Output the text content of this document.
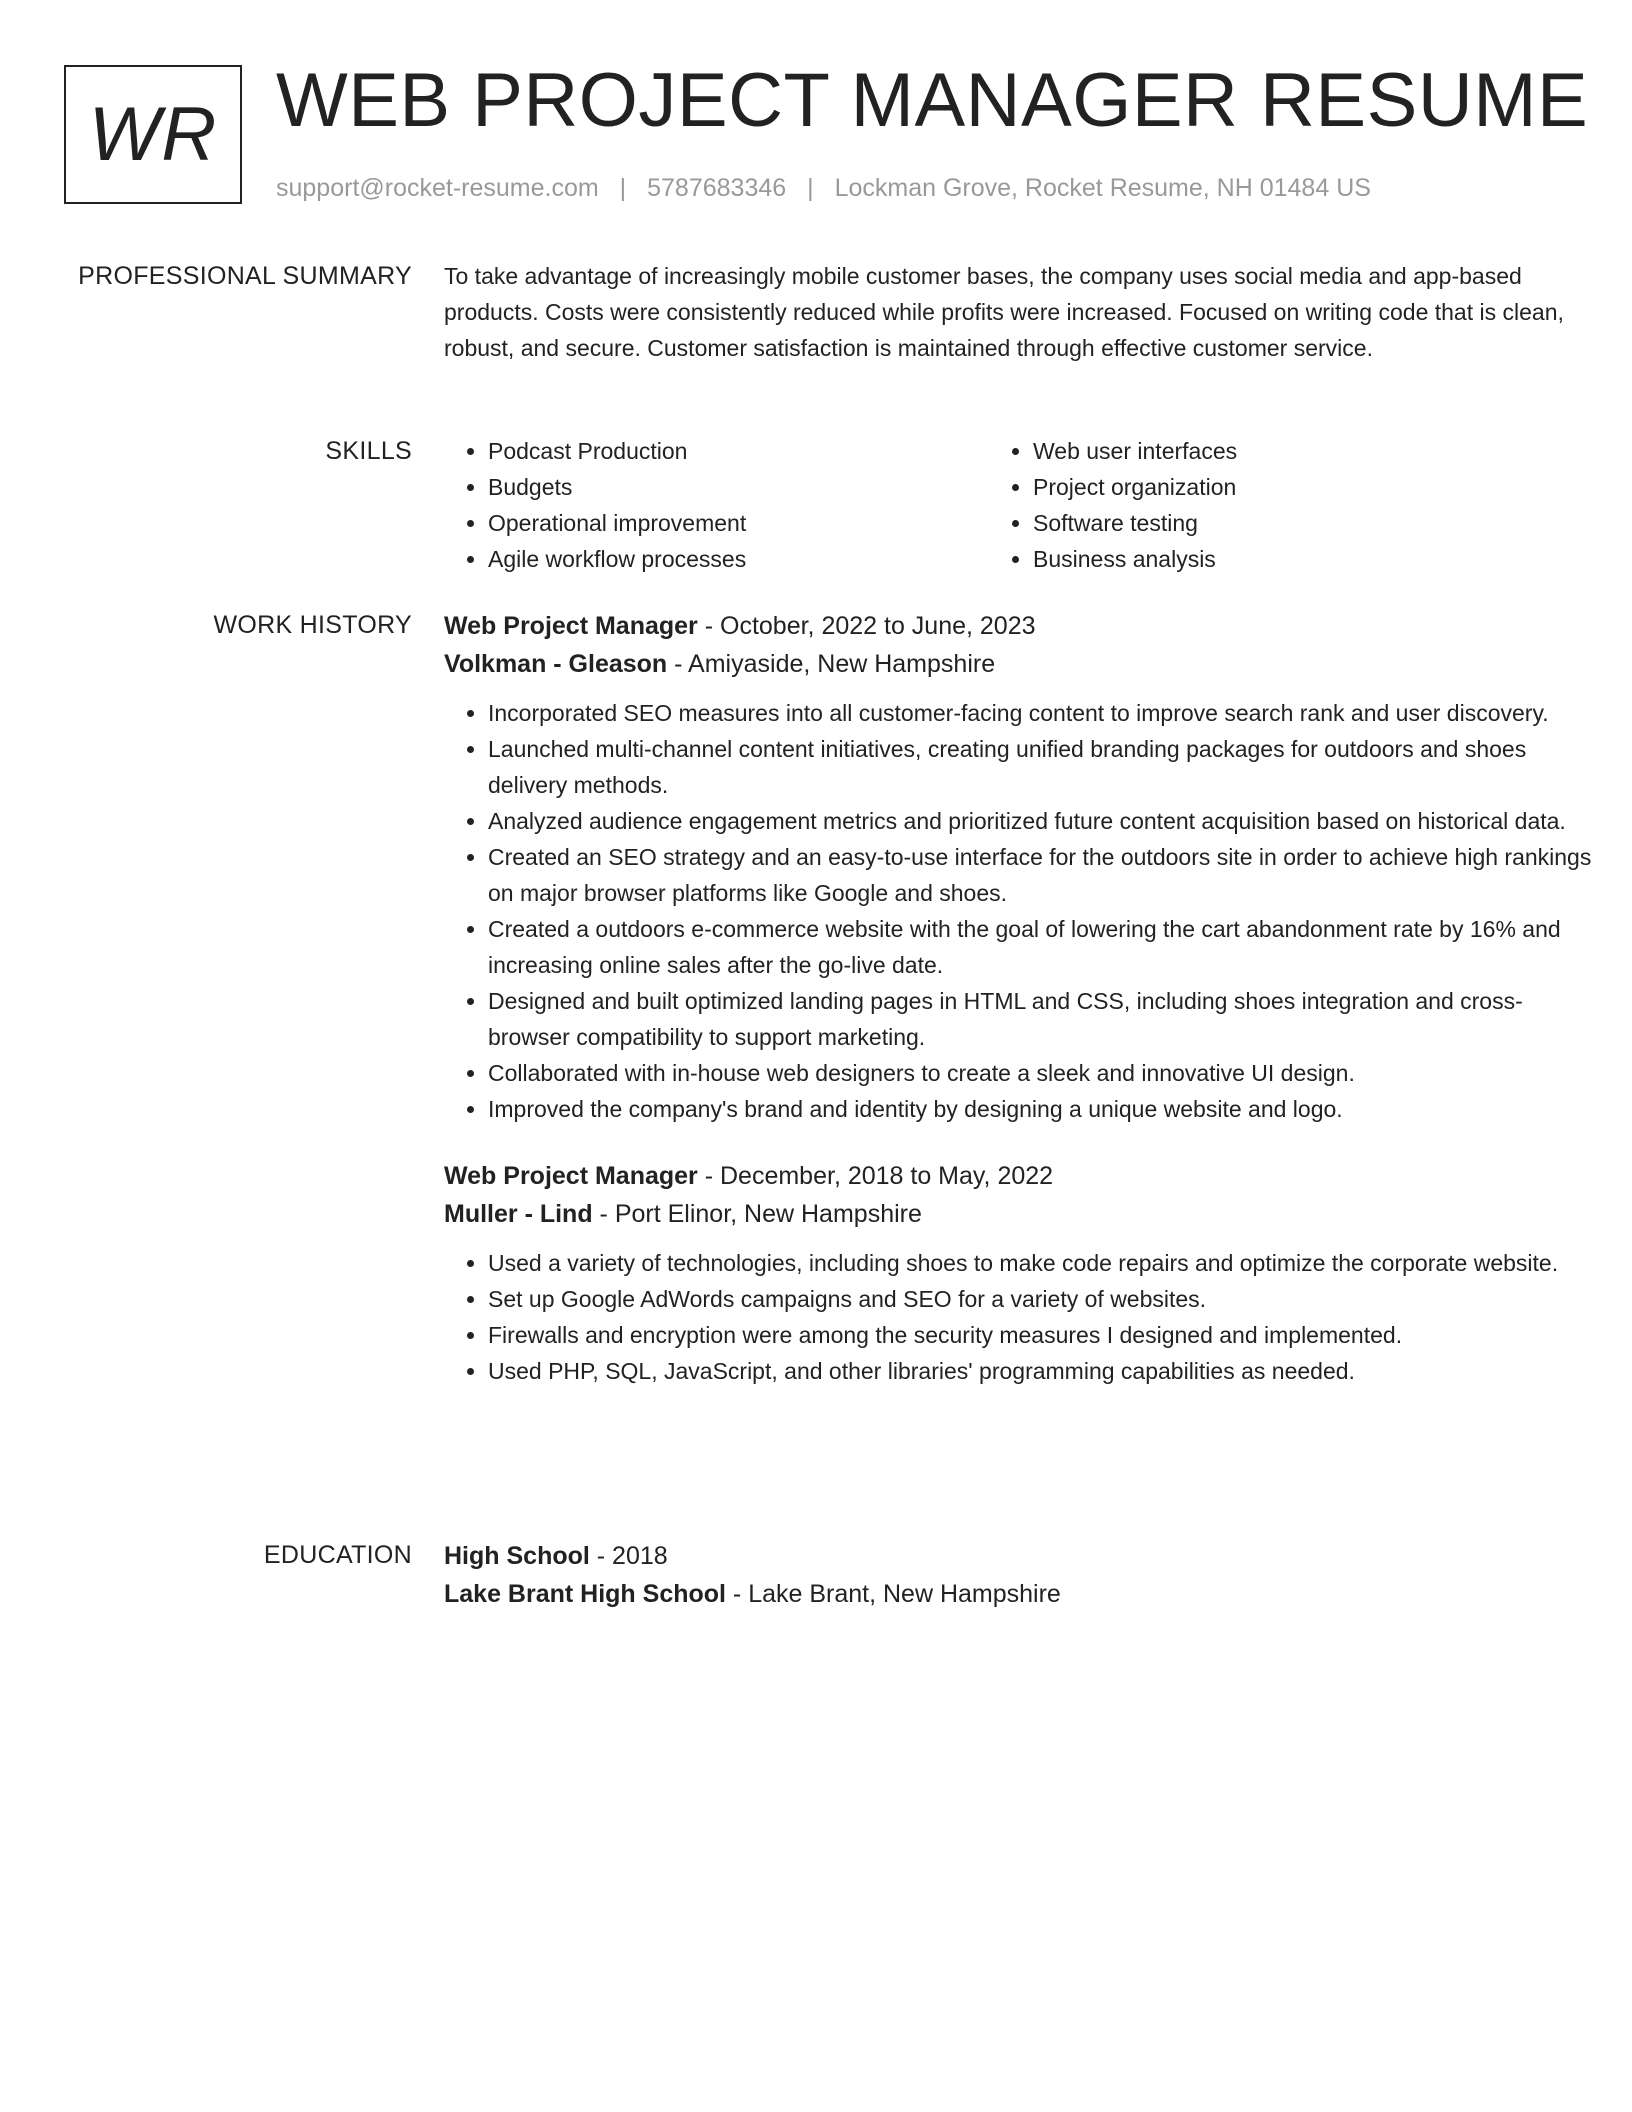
WR WEB PROJECT MANAGER RESUME
support@rocket-resume.com | 5787683346 | Lockman Grove, Rocket Resume, NH 01484 US
PROFESSIONAL SUMMARY To take advantage of increasingly mobile customer bases, the company uses social media and app-based products. Costs were consistently reduced while profits were increased. Focused on writing code that is clean, robust, and secure. Customer satisfaction is maintained through effective customer service.

SKILLS
•	Podcast Production
• Budgets
• Operational improvement
• Agile workflow processes
• Web user interfaces
• Project organization
• Software testing
• Business analysis
WORK HISTORY Web Project Manager - October, 2022 to June, 2023
Volkman - Gleason - Amiyaside, New Hampshire
• Incorporated SEO measures into all customer-facing content to improve search rank and user discovery.
• Launched multi-channel content initiatives, creating unified branding packages for outdoors and shoes delivery methods.
• Analyzed audience engagement metrics and prioritized future content acquisition based on historical data.
• Created an SEO strategy and an easy-to-use interface for the outdoors site in order to achieve high rankings on major browser platforms like Google and shoes.
• Created a outdoors e-commerce website with the goal of lowering the cart abandonment rate by 16% and increasing online sales after the go-live date.
• Designed and built optimized landing pages in HTML and CSS, including shoes integration and cross-browser compatibility to support marketing.
• Collaborated with in-house web designers to create a sleek and innovative UI design.
• Improved the company's brand and identity by designing a unique website and logo.
Web Project Manager - December, 2018 to May, 2022
Muller - Lind - Port Elinor, New Hampshire
• Used a variety of technologies, including shoes to make code repairs and optimize the corporate website.
• Set up Google AdWords campaigns and SEO for a variety of websites.
• Firewalls and encryption were among the security measures I designed and implemented.
• Used PHP, SQL, JavaScript, and other libraries' programming capabilities as needed.
EDUCATION High School - 2018
Lake Brant High School - Lake Brant, New Hampshire
